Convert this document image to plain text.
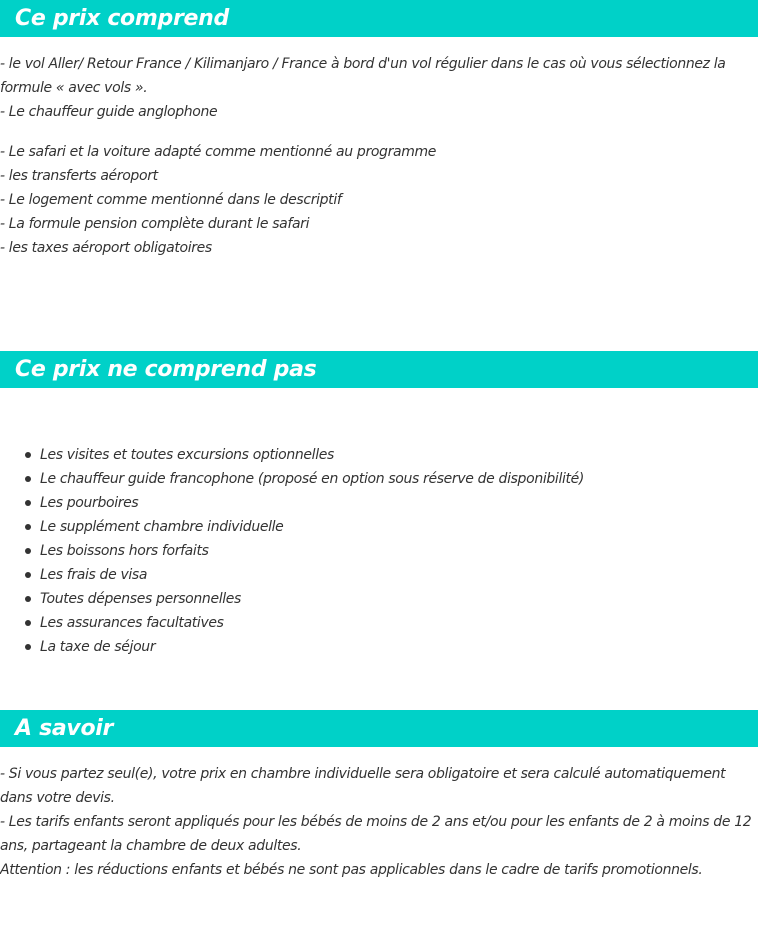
Ce prix comprend

- le vol Aller/ Retour France / Kilimanjaro / France à bord d'un vol régulier dans le cas où vous sélectionnez la formule « avec vols ».

- Le chauffeur guide anglophone

- Le safari et la voiture adapté comme mentionné au programme

- les transferts aéroport

- Le logement comme mentionné dans le descriptif

- La formule pension complète durant le safari

- les taxes aéroport obligatoires

Ce prix ne comprend pas
Les visites et toutes excursions optionnelles
Le chauffeur guide francophone (proposé en option sous réserve de disponibilité)
Les pourboires
Le supplément chambre individuelle
Les boissons hors forfaits
Les frais de visa
Toutes dépenses personnelles
Les assurances facultatives
La taxe de séjour
A savoir

- Si vous partez seul(e), votre prix en chambre individuelle sera obligatoire et sera calculé automatiquement dans votre devis.

- Les tarifs enfants seront appliqués pour les bébés de moins de 2 ans et/ou pour les enfants de 2 à moins de 12 ans, partageant la chambre de deux adultes.

Attention : les réductions enfants et bébés ne sont pas applicables dans le cadre de tarifs promotionnels.
